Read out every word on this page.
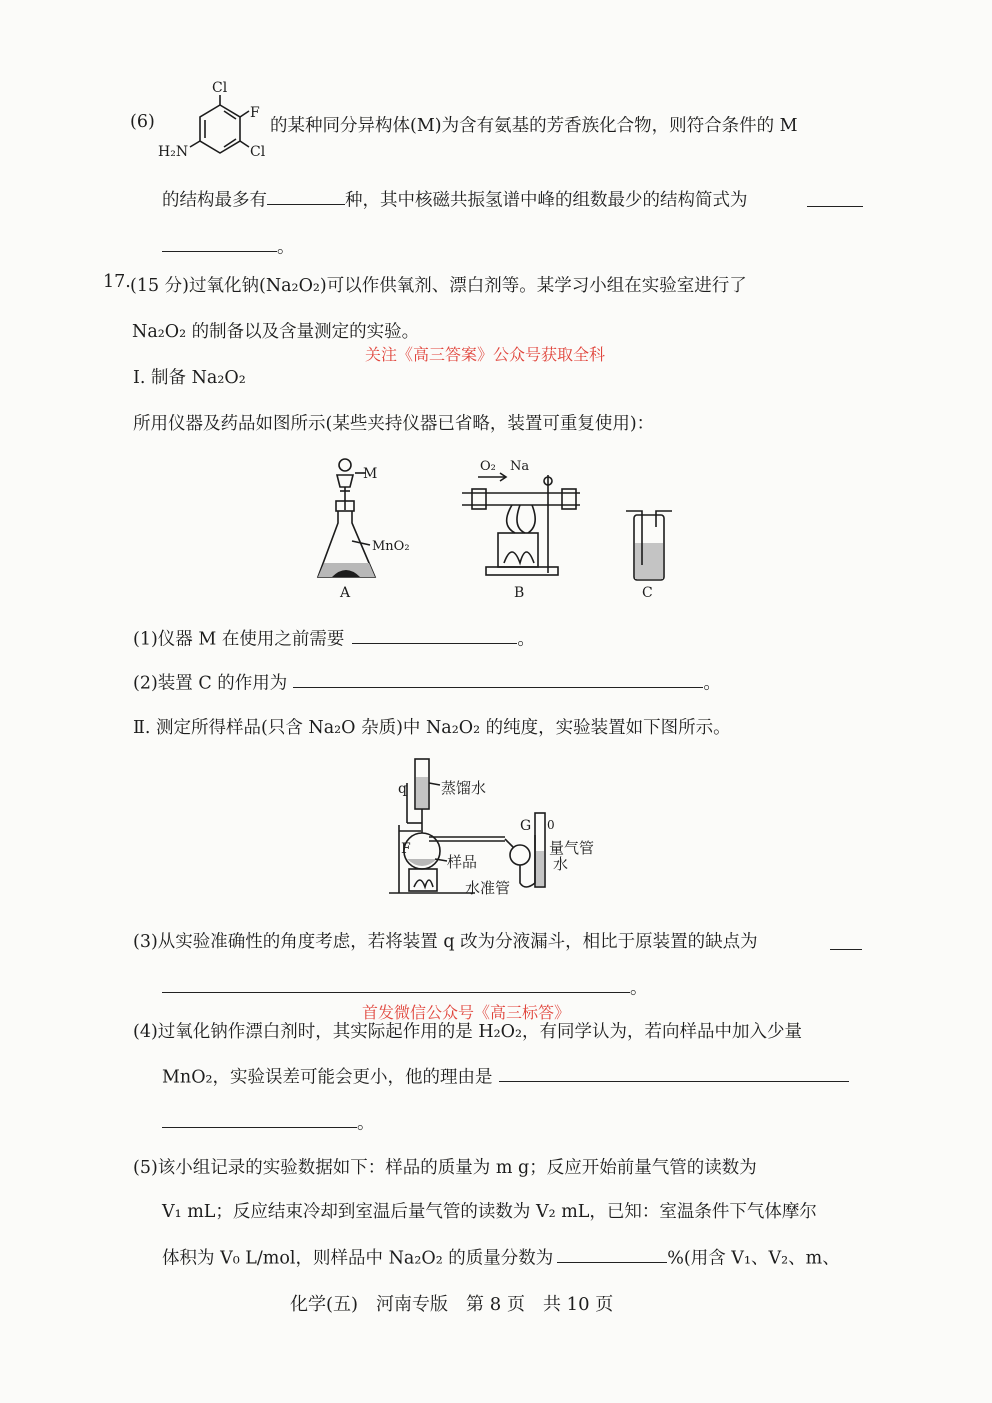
(6)
Cl
F
H₂N	Cl
的某种同分异构体(M)为含有氨基的芳香族化合物，则符合条件的 M
的结构最多有	种，其中核磁共振氢谱中峰的组数最少的结构简式为
。
17. (15 分)过氧化钠(Na₂O₂)可以作供氧剂、漂白剂等。某学习小组在实验室进行了
Na₂O₂ 的制备以及含量测定的实验。
关注《高三答案》公众号获取全科
Ⅰ. 制备 Na₂O₂
所用仪器及药品如图所示(某些夹持仪器已省略，装置可重复使用)：
M
MnO₂
A
O₂ Na
B	C
(1)仪器 M 在使用之前需要	。
(2)装置 C 的作用为	。
Ⅱ. 测定所得样品(只含 Na₂O 杂质)中 Na₂O₂ 的纯度，实验装置如下图所示。
q 蒸馏水
F
样品
水准管
G 0
量气管
水
(3)从实验准确性的角度考虑，若将装置 q 改为分液漏斗，相比于原装置的缺点为
。
首发微信公众号《高三标答》
(4)过氧化钠作漂白剂时，其实际起作用的是 H₂O₂，有同学认为，若向样品中加入少量
MnO₂，实验误差可能会更小，他的理由是
。
(5)该小组记录的实验数据如下：样品的质量为 m g；反应开始前量气管的读数为
V₁ mL；反应结束冷却到室温后量气管的读数为 V₂ mL，已知：室温条件下气体摩尔
体积为 V₀ L/mol，则样品中 Na₂O₂ 的质量分数为	%(用含 V₁、V₂、m、
化学(五)　河南专版　第 8 页　共 10 页
